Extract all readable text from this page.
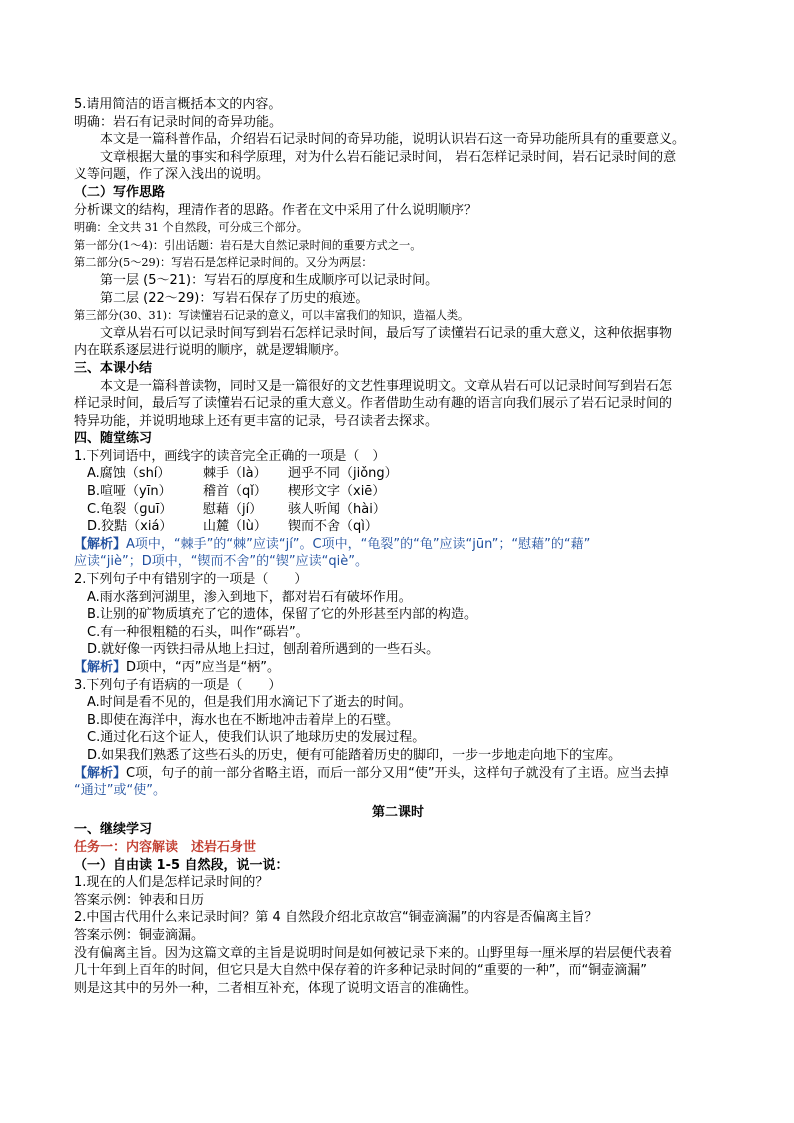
5.请用简洁的语言概括本文的内容。
明确：岩石有记录时间的奇异功能。
本文是一篇科普作品，介绍岩石记录时间的奇异功能，说明认识岩石这一奇异功能所具有的重要意义。
文章根据大量的事实和科学原理，对为什么岩石能记录时间， 岩石怎样记录时间，岩石记录时间的意
义等问题，作了深入浅出的说明。
（二）写作思路
分析课文的结构，理清作者的思路。作者在文中采用了什么说明顺序？
明确：全文共 31 个自然段，可分成三个部分。
第一部分(1～4)：引出话题：岩石是大自然记录时间的重要方式之一。
第二部分(5～29)：写岩石是怎样记录时间的。又分为两层：
第一层 (5～21)：写岩石的厚度和生成顺序可以记录时间。
第二层 (22～29)：写岩石保存了历史的痕迹。
第三部分(30、31)：写读懂岩石记录的意义，可以丰富我们的知识，造福人类。
文章从岩石可以记录时间写到岩石怎样记录时间，最后写了读懂岩石记录的重大意义，这种依据事物
内在联系逐层进行说明的顺序，就是逻辑顺序。
三、本课小结
本文是一篇科普读物，同时又是一篇很好的文艺性事理说明文。文章从岩石可以记录时间写到岩石怎
样记录时间，最后写了读懂岩石记录的重大意义。作者借助生动有趣的语言向我们展示了岩石记录时间的
特异功能，并说明地球上还有更丰富的记录，号召读者去探求。
四、随堂练习
1.下列词语中，画线字的读音完全正确的一项是（　）
A.腐蚀（shí）	棘手（là） 迥乎不同（jiǒng）
B.喧哑（yīn） 稽首（qǐ） 楔形文字（xiē）
C.龟裂（ɡuī） 慰藉（jí） 骇人听闻（hài）
D.狡黠（xiá） 山麓（lù） 锲而不舍（qì）
【解析】A项中，“棘手”的“棘”应读“jí”。C项中，“龟裂”的“龟”应读“jūn”；“慰藉”的“藉”
应读“jiè”；D项中，“锲而不舍”的“锲”应读“qiè”。
2.下列句子中有错别字的一项是（　　）
A.雨水落到河湖里，渗入到地下，都对岩石有破坏作用。
B.让别的矿物质填充了它的遗体，保留了它的外形甚至内部的构造。
C.有一种很粗糙的石头，叫作“砾岩”。
D.就好像一丙铁扫帚从地上扫过，刨刮着所遇到的一些石头。
【解析】D项中，“丙”应当是“柄”。
3.下列句子有语病的一项是（　　）
A.时间是看不见的，但是我们用水滴记下了逝去的时间。
B.即使在海洋中，海水也在不断地冲击着岸上的石壁。
C.通过化石这个证人，使我们认识了地球历史的发展过程。
D.如果我们熟悉了这些石头的历史，便有可能踏着历史的脚印，一步一步地走向地下的宝库。
【解析】C项，句子的前一部分省略主语，而后一部分又用“使”开头，这样句子就没有了主语。应当去掉
“通过”或“使”。
第二课时
一、继续学习
任务一：内容解读　述岩石身世
（一）自由读 1-5 自然段，说一说：
1.现在的人们是怎样记录时间的？
答案示例：钟表和日历
2.中国古代用什么来记录时间？第 4 自然段介绍北京故宫“铜壶滴漏”的内容是否偏离主旨？
答案示例：铜壶滴漏。
没有偏离主旨。因为这篇文章的主旨是说明时间是如何被记录下来的。山野里每一厘米厚的岩层便代表着
几十年到上百年的时间，但它只是大自然中保存着的许多种记录时间的“重要的一种”，而“铜壶滴漏”
则是这其中的另外一种，二者相互补充，体现了说明文语言的准确性。
